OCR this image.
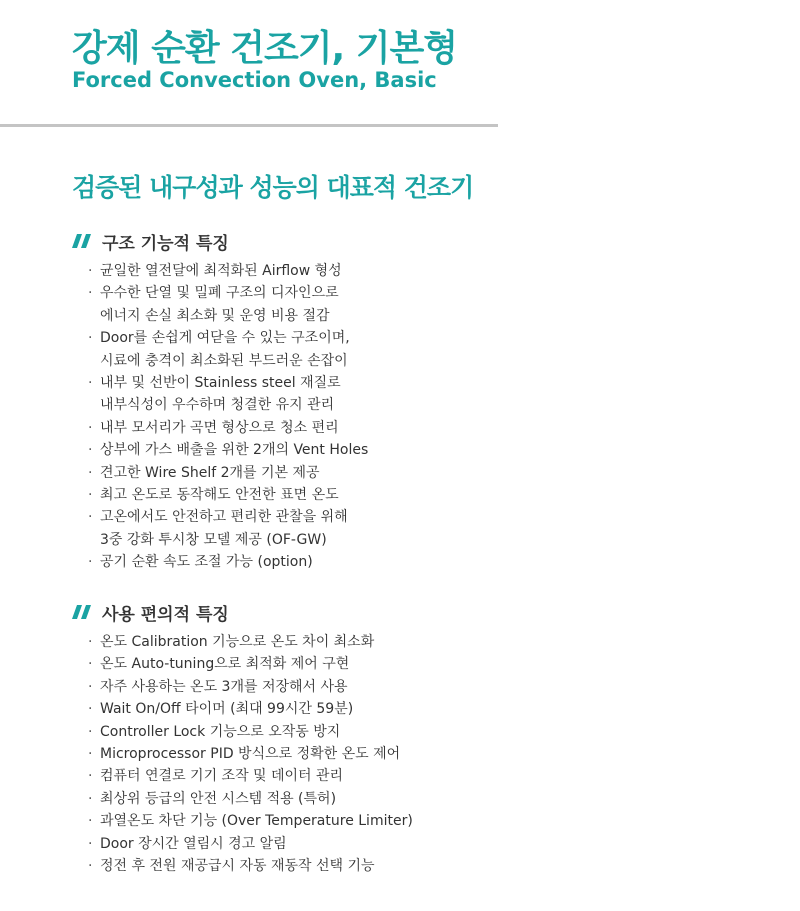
강제 순환 건조기, 기본형
Forced Convection Oven, Basic
검증된 내구성과 성능의 대표적 건조기
구조 기능적 특징
· 균일한 열전달에 최적화된 Airflow 형성
· 우수한 단열 및 밀폐 구조의 디자인으로
에너지 손실 최소화 및 운영 비용 절감
· Door를 손쉽게 여닫을 수 있는 구조이며,
시료에 충격이 최소화된 부드러운 손잡이
· 내부 및 선반이 Stainless steel 재질로
내부식성이 우수하며 청결한 유지 관리
· 내부 모서리가 곡면 형상으로 청소 편리
· 상부에 가스 배출을 위한 2개의 Vent Holes
· 견고한 Wire Shelf 2개를 기본 제공
· 최고 온도로 동작해도 안전한 표면 온도
· 고온에서도 안전하고 편리한 관찰을 위해
3중 강화 투시창 모델 제공 (OF-GW)
· 공기 순환 속도 조절 가능 (option)
사용 편의적 특징
· 온도 Calibration 기능으로 온도 차이 최소화
· 온도 Auto-tuning으로 최적화 제어 구현
· 자주 사용하는 온도 3개를 저장해서 사용
· Wait On/Off 타이머 (최대 99시간 59분)
· Controller Lock 기능으로 오작동 방지
· Microprocessor PID 방식으로 정확한 온도 제어
· 컴퓨터 연결로 기기 조작 및 데이터 관리
· 최상위 등급의 안전 시스템 적용 (특허)
· 과열온도 차단 기능 (Over Temperature Limiter)
· Door 장시간 열림시 경고 알림
· 정전 후 전원 재공급시 자동 재동작 선택 기능
